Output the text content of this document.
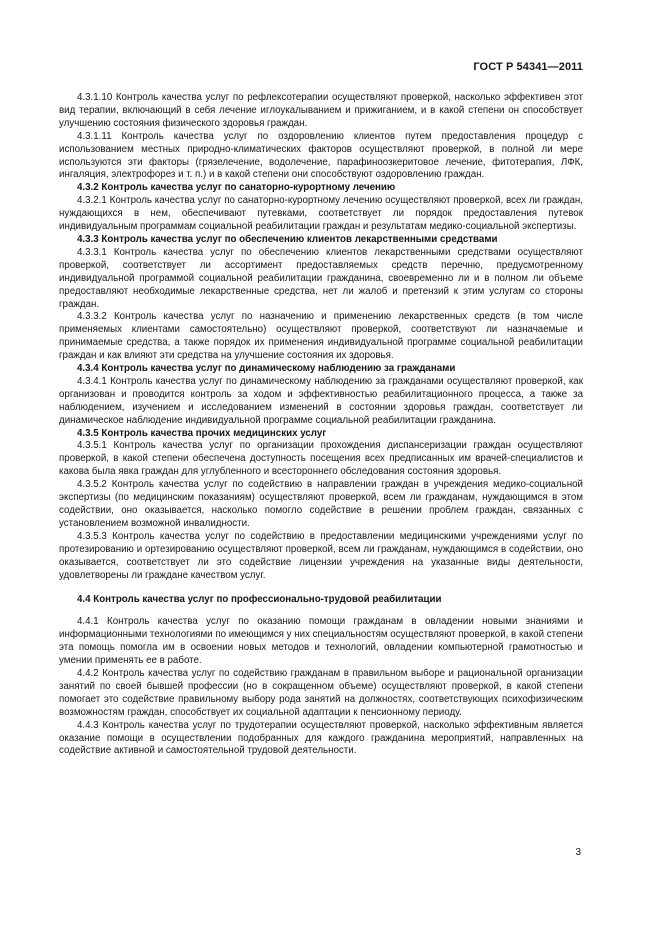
ГОСТ Р 54341—2011

4.3.1.10 Контроль качества услуг по рефлексотерапии осуществляют проверкой, насколько эффективен этот вид терапии, включающий в себя лечение иглоукалыванием и прижиганием, и в какой степени он способствует улучшению состояния физического здоровья граждан.

4.3.1.11 Контроль качества услуг по оздоровлению клиентов путем предоставления процедур с использованием местных природно-климатических факторов осуществляют проверкой, в полной ли мере используются эти факторы (грязелечение, водолечение, парафиноозкеритовое лечение, фитотерапия, ЛФК, ингаляция, электрофорез и т. п.) и в какой степени они способствуют оздоровлению граждан.

4.3.2 Контроль качества услуг по санаторно-курортному лечению

4.3.2.1 Контроль качества услуг по санаторно-курортному лечению осуществляют проверкой, всех ли граждан, нуждающихся в нем, обеспечивают путевками, соответствует ли порядок предоставления путевок индивидуальным программам социальной реабилитации граждан и результатам медико-социальной экспертизы.

4.3.3 Контроль качества услуг по обеспечению клиентов лекарственными средствами

4.3.3.1 Контроль качества услуг по обеспечению клиентов лекарственными средствами осуществляют проверкой, соответствует ли ассортимент предоставляемых средств перечню, предусмотренному индивидуальной программой социальной реабилитации гражданина, своевременно ли и в полном ли объеме предоставляют необходимые лекарственные средства, нет ли жалоб и претензий к этим услугам со стороны граждан.

4.3.3.2 Контроль качества услуг по назначению и применению лекарственных средств (в том числе применяемых клиентами самостоятельно) осуществляют проверкой, соответствуют ли назначаемые и принимаемые средства, а также порядок их применения индивидуальной программе социальной реабилитации граждан и как влияют эти средства на улучшение состояния их здоровья.

4.3.4 Контроль качества услуг по динамическому наблюдению за гражданами

4.3.4.1 Контроль качества услуг по динамическому наблюдению за гражданами осуществляют проверкой, как организован и проводится контроль за ходом и эффективностью реабилитационного процесса, а также за наблюдением, изучением и исследованием изменений в состоянии здоровья граждан, соответствует ли динамическое наблюдение индивидуальной программе социальной реабилитации гражданина.

4.3.5 Контроль качества прочих медицинских услуг

4.3.5.1 Контроль качества услуг по организации прохождения диспансеризации граждан осуществляют проверкой, в какой степени обеспечена доступность посещения всех предписанных им врачей-специалистов и какова была явка граждан для углубленного и всестороннего обследования состояния здоровья.

4.3.5.2 Контроль качества услуг по содействию в направлении граждан в учреждения медико-социальной экспертизы (по медицинским показаниям) осуществляют проверкой, всем ли гражданам, нуждающимся в этом содействии, оно оказывается, насколько помогло содействие в решении проблем граждан, связанных с установлением возможной инвалидности.

4.3.5.3 Контроль качества услуг по содействию в предоставлении медицинскими учреждениями услуг по протезированию и ортезированию осуществляют проверкой, всем ли гражданам, нуждающимся в содействии, оно оказывается, соответствует ли это содействие лицензии учреждения на указанные виды деятельности, удовлетворены ли граждане качеством услуг.

4.4 Контроль качества услуг по профессионально-трудовой реабилитации

4.4.1 Контроль качества услуг по оказанию помощи гражданам в овладении новыми знаниями и информационными технологиями по имеющимся у них специальностям осуществляют проверкой, в какой степени эта помощь помогла им в освоении новых методов и технологий, овладении компьютерной грамотностью и умении применять ее в работе.

4.4.2 Контроль качества услуг по содействию гражданам в правильном выборе и рациональной организации занятий по своей бывшей профессии (но в сокращенном объеме) осуществляют проверкой, в какой степени помогает это содействие правильному выбору рода занятий на должностях, соответствующих психофизическим возможностям граждан, способствует их социальной адаптации к пенсионному периоду.

4.4.3 Контроль качества услуг по трудотерапии осуществляют проверкой, насколько эффективным является оказание помощи в осуществлении подобранных для каждого гражданина мероприятий, направленных на содействие активной и самостоятельной трудовой деятельности.

3
